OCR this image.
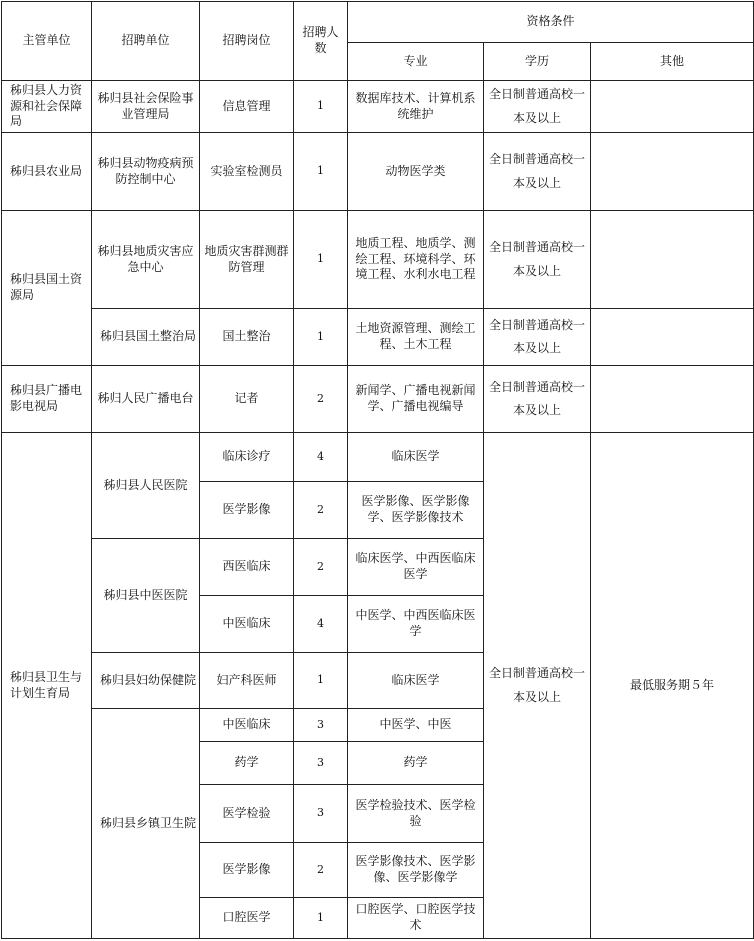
主管单位	招聘单位	招聘岗位	招聘人数	资格条件		
				专业	学历	其他
秭归县人力资源和社会保障局	秭归县社会保险事业管理局	信息管理	1	数据库技术、计算机系统维护	全日制普通高校一本及以上	
秭归县农业局	秭归县动物疫病预防控制中心	实验室检测员	1	动物医学类	全日制普通高校一本及以上	
秭归县国土资源局	秭归县地质灾害应急中心	地质灾害群测群防管理	1	地质工程、地质学、测绘工程、环境科学、环境工程、水利水电工程	全日制普通高校一本及以上	
	秭归县国土整治局	国土整治	1	土地资源管理、测绘工程、土木工程	全日制普通高校一本及以上	
秭归县广播电影电视局	秭归人民广播电台	记者	2	新闻学、广播电视新闻学、广播电视编导	全日制普通高校一本及以上	
秭归县卫生与计划生育局	秭归县人民医院	临床诊疗	4	临床医学	全日制普通高校一本及以上	最低服务期５年
		医学影像	2	医学影像、医学影像学、医学影像技术		
	秭归县中医医院	西医临床	2	临床医学、中西医临床医学		
		中医临床	4	中医学、中西医临床医学		
	秭归县妇幼保健院	妇产科医师	1	临床医学		
	秭归县乡镇卫生院	中医临床	3	中医学、中医		
		药学	3	药学		
		医学检验	3	医学检验技术、医学检验		
		医学影像	2	医学影像技术、医学影像、医学影像学		
		口腔医学	1	口腔医学、口腔医学技术		
